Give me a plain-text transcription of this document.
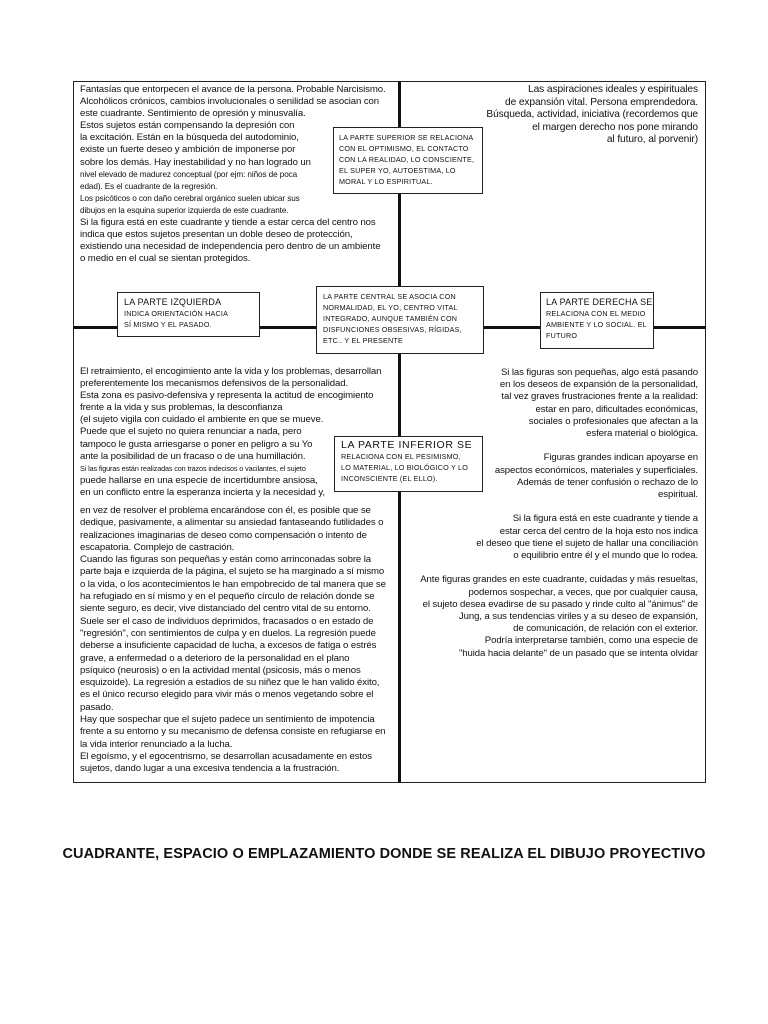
Fantasías que entorpecen el avance de la persona. Probable Narcisismo.

Alcohólicos crónicos, cambios involucionales o senilidad se asocian con

este cuadrante. Sentimiento de opresión y minusvalía.

Estos sujetos están compensando la depresión con

la excitación. Están en la búsqueda del autodominio,

existe un fuerte deseo y ambición de imponerse por

sobre los demás. Hay inestabilidad y no han logrado un

nivel elevado de madurez conceptual (por ejm: niños de poca

edad). Es el cuadrante de la regresión.

Los psicóticos o con daño cerebral orgánico suelen ubicar sus

dibujos en la esquina superior izquierda de este cuadrante.

Si la figura está en este cuadrante y tiende a estar cerca del centro nos

indica que estos sujetos presentan un doble deseo de protección,

existiendo una necesidad de independencia pero dentro de un ambiente

o medio en el cual se sientan protegidos.

Las aspiraciones ideales y espirituales

de expansión vital. Persona emprendedora.

Búsqueda, actividad, iniciativa (recordemos que

el margen derecho nos pone mirando

al futuro, al porvenir)

El retraimiento, el encogimiento ante la vida y los problemas, desarrollan

preferentemente los mecanismos defensivos de la personalidad.

Esta zona es pasivo-defensiva y representa la actitud de encogimiento

frente a la vida y sus problemas, la desconfianza

(el sujeto vigila con cuidado el ambiente en que se mueve.

Puede que el sujeto no quiera renunciar a nada, pero

tampoco le gusta arriesgarse o poner en peligro a su Yo

ante la posibilidad de un fracaso o de una humillación.

Si las figuras están realizadas con trazos indecisos o vacilantes, el sujeto

puede hallarse en una especie de incertidumbre ansiosa,

en un conflicto entre la esperanza incierta y la necesidad y,

en vez de resolver el problema encarándose con él, es posible que se

dedique, pasivamente, a alimentar su ansiedad fantaseando futilidades o

realizaciones imaginarias de deseo como compensación o intento de

escapatoria. Complejo de castración.

Cuando las figuras son pequeñas y están como arrinconadas sobre la

parte baja e izquierda de la página, el sujeto se ha marginado a sí mismo

o la vida, o los acontecimientos le han empobrecido de tal manera que se

ha refugiado en sí mismo y en el pequeño círculo de relación donde se

siente seguro, es decir, vive distanciado del centro vital de su entorno.

Suele ser el caso de individuos deprimidos, fracasados o en estado de

"regresión", con sentimientos de culpa y en duelos. La regresión puede

deberse a insuficiente capacidad de lucha, a excesos de fatiga o estrés

grave, a enfermedad o a deterioro de la personalidad en el plano

psíquico (neurosis) o en la actividad mental (psicosis, más o menos

esquizoide). La regresión a estadios de su niñez que le han valido éxito,

es el único recurso elegido para vivir más o menos vegetando sobre el

pasado.

Hay que sospechar que el sujeto padece un sentimiento de impotencia

frente a su entorno y su mecanismo de defensa consiste en refugiarse en

la vida interior renunciado a la lucha.

El egoísmo, y el egocentrismo, se desarrollan acusadamente en estos

sujetos, dando lugar a una excesiva tendencia a la frustración.

Si las figuras son pequeñas, algo está pasando

en los deseos de expansión de la personalidad,

tal vez graves frustraciones frente a la realidad:

estar en paro, dificultades económicas,

sociales o profesionales que afectan a la

esfera material o biológica.

Figuras grandes indican apoyarse en

aspectos económicos, materiales y superficiales.

Además de tener confusión o rechazo de lo

espiritual.

Si la figura está en este cuadrante y tiende a

estar cerca del centro de la hoja esto nos indica

el deseo que tiene el sujeto de hallar una conciliación

o equilibrio entre él y el mundo que lo rodea.

Ante figuras grandes en este cuadrante, cuidadas y más resueltas,

podemos sospechar, a veces, que por cualquier causa,

el sujeto desea evadirse de su pasado y rinde culto al "ánimus" de

Jung, a sus tendencias viriles y a su deseo de expansión,

de comunicación, de relación con el exterior.

Podría interpretarse también, como una especie de

"huida hacia delante" de un pasado que se intenta olvidar

LA PARTE SUPERIOR SE RELACIONA

CON EL OPTIMISMO, EL CONTACTO

CON LA REALIDAD, LO CONSCIENTE,

EL SUPER YO, AUTOESTIMA, LO

MORAL Y LO ESPIRITUAL.

LA PARTE IZQUIERDA

INDICA ORIENTACIÓN HACIA

SÍ MISMO Y EL PASADO.

LA PARTE CENTRAL SE ASOCIA CON

NORMALIDAD, EL YO, CENTRO VITAL

INTEGRADO, AUNQUE TAMBIÉN CON

DISFUNCIONES OBSESIVAS, RÍGIDAS,

ETC.. Y EL PRESENTE

LA PARTE DERECHA SE

RELACIONA CON EL MEDIO

AMBIENTE Y LO SOCIAL. EL

FUTURO

LA PARTE INFERIOR SE

RELACIONA CON EL PESIMISMO,

LO MATERIAL, LO BIOLÓGICO Y LO

INCONSCIENTE (EL ELLO).

CUADRANTE, ESPACIO O EMPLAZAMIENTO DONDE SE REALIZA EL DIBUJO PROYECTIVO
